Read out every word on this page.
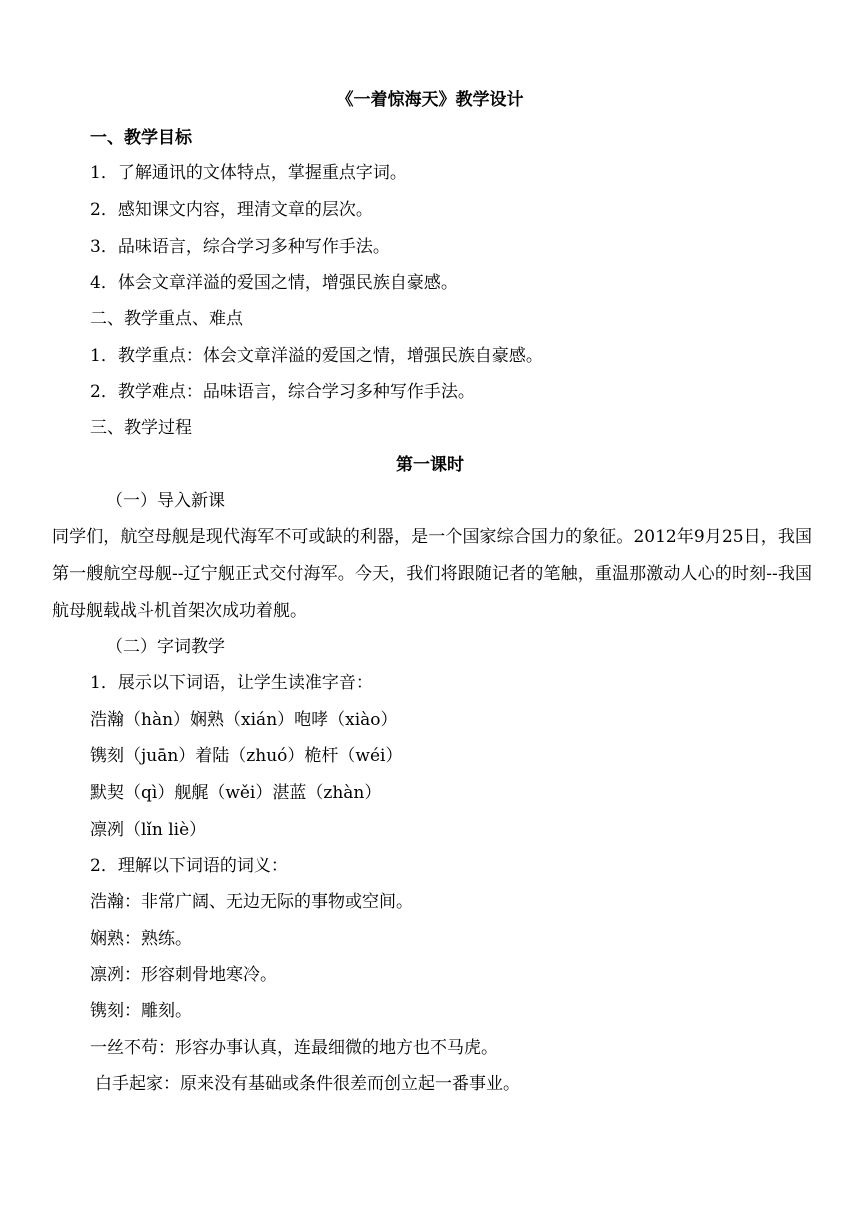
《一着惊海天》教学设计
一、教学目标
1．了解通讯的文体特点，掌握重点字词。
2．感知课文内容，理清文章的层次。
3．品味语言，综合学习多种写作手法。
4．体会文章洋溢的爱国之情，增强民族自豪感。
二、教学重点、难点
1．教学重点：体会文章洋溢的爱国之情，增强民族自豪感。
2．教学难点：品味语言，综合学习多种写作手法。
三、教学过程
第一课时
（一）导入新课
同学们，航空母舰是现代海军不可或缺的利器，是一个国家综合国力的象征。2012年9月25日，我国第一艘航空母舰--辽宁舰正式交付海军。今天，我们将跟随记者的笔触，重温那激动人心的时刻--我国航母舰载战斗机首架次成功着舰。
（二）字词教学
1．展示以下词语，让学生读准字音：
浩瀚（hàn）娴熟（xián）咆哮（xiào）
镌刻（juān）着陆（zhuó）桅杆（wéi）
默契（qì）舰艉（wěi）湛蓝（zhàn）
凛冽（lǐn liè）
2．理解以下词语的词义：
浩瀚：非常广阔、无边无际的事物或空间。
娴熟：熟练。
凛冽：形容刺骨地寒冷。
镌刻：雕刻。
一丝不苟：形容办事认真，连最细微的地方也不马虎。
白手起家：原来没有基础或条件很差而创立起一番事业。
